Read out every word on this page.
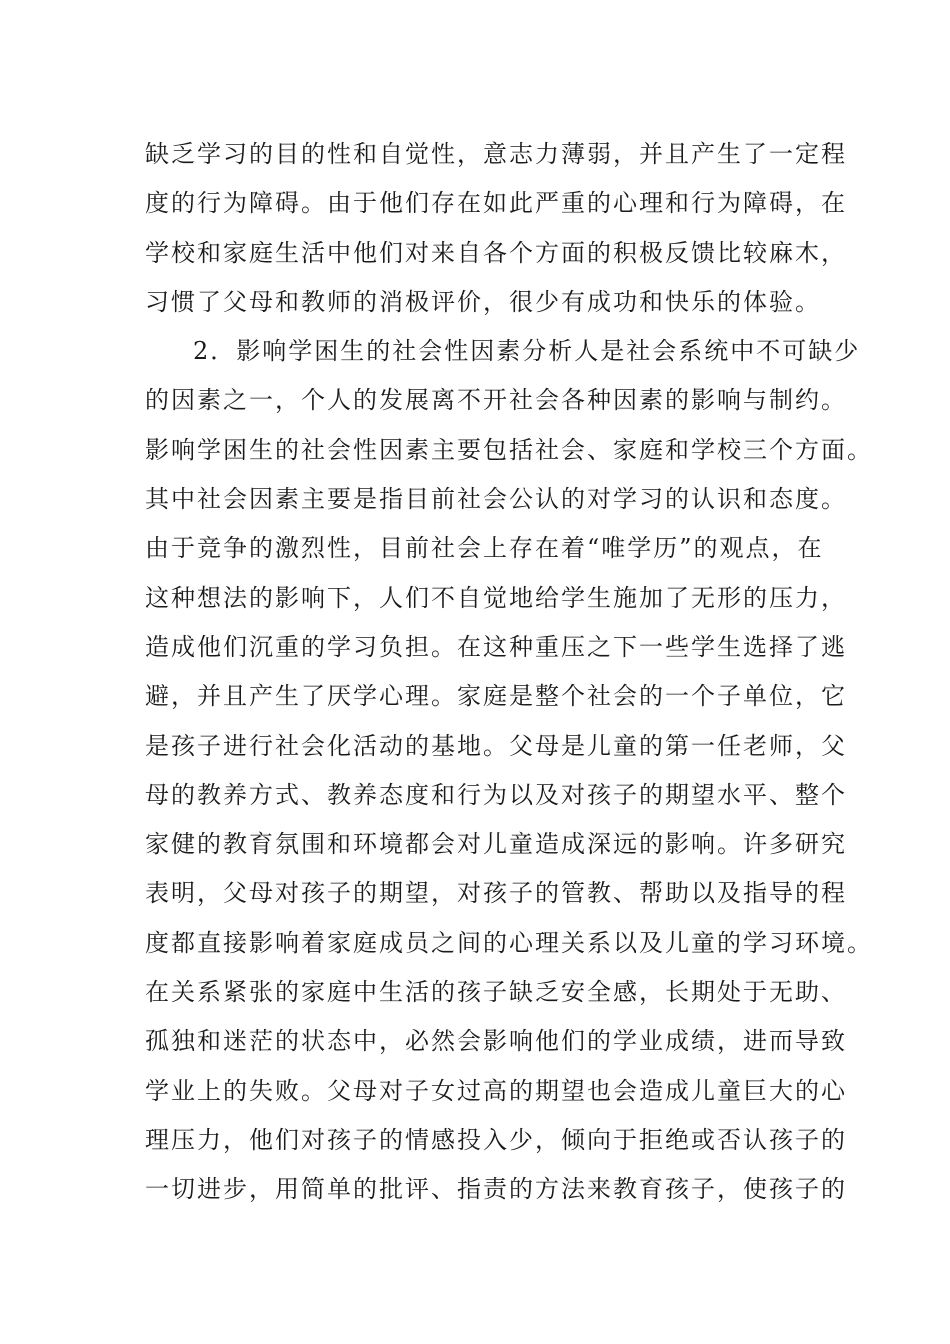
缺乏学习的目的性和自觉性，意志力薄弱，并且产生了一定程
度的行为障碍。由于他们存在如此严重的心理和行为障碍，在
学校和家庭生活中他们对来自各个方面的积极反馈比较麻木，
习惯了父母和教师的消极评价，很少有成功和快乐的体验。
2．影响学困生的社会性因素分析人是社会系统中不可缺少
的因素之一，个人的发展离不开社会各种因素的影响与制约。
影响学困生的社会性因素主要包括社会、家庭和学校三个方面。
其中社会因素主要是指目前社会公认的对学习的认识和态度。
由于竞争的激烈性，目前社会上存在着“唯学历”的观点，在
这种想法的影响下，人们不自觉地给学生施加了无形的压力，
造成他们沉重的学习负担。在这种重压之下一些学生选择了逃
避，并且产生了厌学心理。家庭是整个社会的一个子单位，它
是孩子进行社会化活动的基地。父母是儿童的第一任老师，父
母的教养方式、教养态度和行为以及对孩子的期望水平、整个
家健的教育氛围和环境都会对儿童造成深远的影响。许多研究
表明，父母对孩子的期望，对孩子的管教、帮助以及指导的程
度都直接影响着家庭成员之间的心理关系以及儿童的学习环境。
在关系紧张的家庭中生活的孩子缺乏安全感，长期处于无助、
孤独和迷茫的状态中，必然会影响他们的学业成绩，进而导致
学业上的失败。父母对子女过高的期望也会造成儿童巨大的心
理压力，他们对孩子的情感投入少，倾向于拒绝或否认孩子的
一切进步，用简单的批评、指责的方法来教育孩子，使孩子的
